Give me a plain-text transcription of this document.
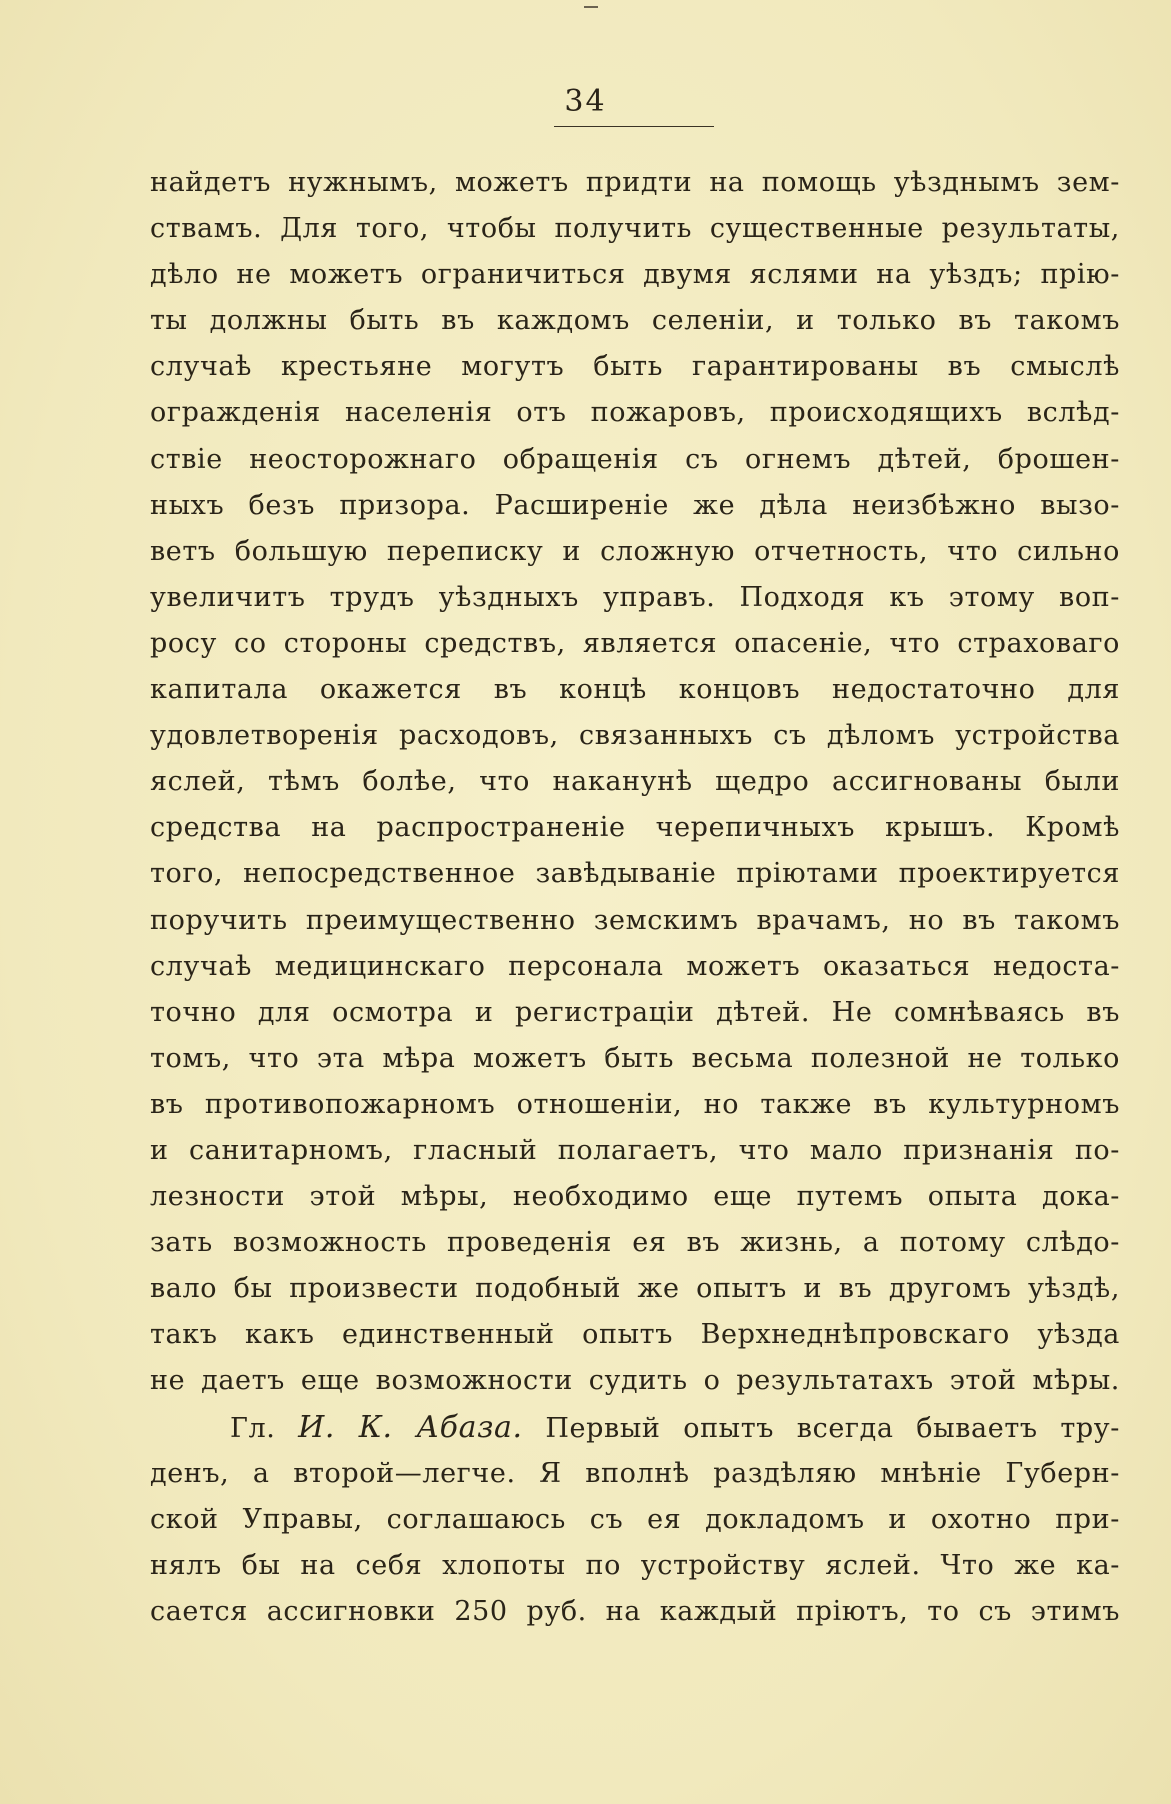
34
найдетъ нужнымъ, можетъ придти на помощь уѣзднымъ зем-
ствамъ. Для того, чтобы получить существенные результаты,
дѣло не можетъ ограничиться двумя яслями на уѣздъ; прію-
ты должны быть въ каждомъ селеніи, и только въ такомъ
случаѣ крестьяне могутъ быть гарантированы въ смыслѣ
огражденія населенія отъ пожаровъ, происходящихъ вслѣд-
ствіе неосторожнаго обращенія съ огнемъ дѣтей, брошен-
ныхъ безъ призора. Расширеніе же дѣла неизбѣжно вызо-
ветъ большую переписку и сложную отчетность, что сильно
увеличитъ трудъ уѣздныхъ управъ. Подходя къ этому воп-
росу со стороны средствъ, является опасеніе, что страховаго
капитала окажется въ концѣ концовъ недостаточно для
удовлетворенія расходовъ, связанныхъ съ дѣломъ устройства
яслей, тѣмъ болѣе, что наканунѣ щедро ассигнованы были
средства на распространеніе черепичныхъ крышъ. Кромѣ
того, непосредственное завѣдываніе пріютами проектируется
поручить преимущественно земскимъ врачамъ, но въ такомъ
случаѣ медицинскаго персонала можетъ оказаться недоста-
точно для осмотра и регистраціи дѣтей. Не сомнѣваясь въ
томъ, что эта мѣра можетъ быть весьма полезной не только
въ противопожарномъ отношеніи, но также въ культурномъ
и санитарномъ, гласный полагаетъ, что мало признанія по-
лезности этой мѣры, необходимо еще путемъ опыта дока-
зать возможность проведенія ея въ жизнь, а потому слѣдо-
вало бы произвести подобный же опытъ и въ другомъ уѣздѣ,
такъ какъ единственный опытъ Верхнеднѣпровскаго уѣзда
не даетъ еще возможности судить о результатахъ этой мѣры.
Гл. И. К. Абаза. Первый опытъ всегда бываетъ тру-
денъ, а второй—легче. Я вполнѣ раздѣляю мнѣніе Губерн-
ской Управы, соглашаюсь съ ея докладомъ и охотно при-
нялъ бы на себя хлопоты по устройству яслей. Что же ка-
сается ассигновки 250 руб. на каждый пріютъ, то съ этимъ
